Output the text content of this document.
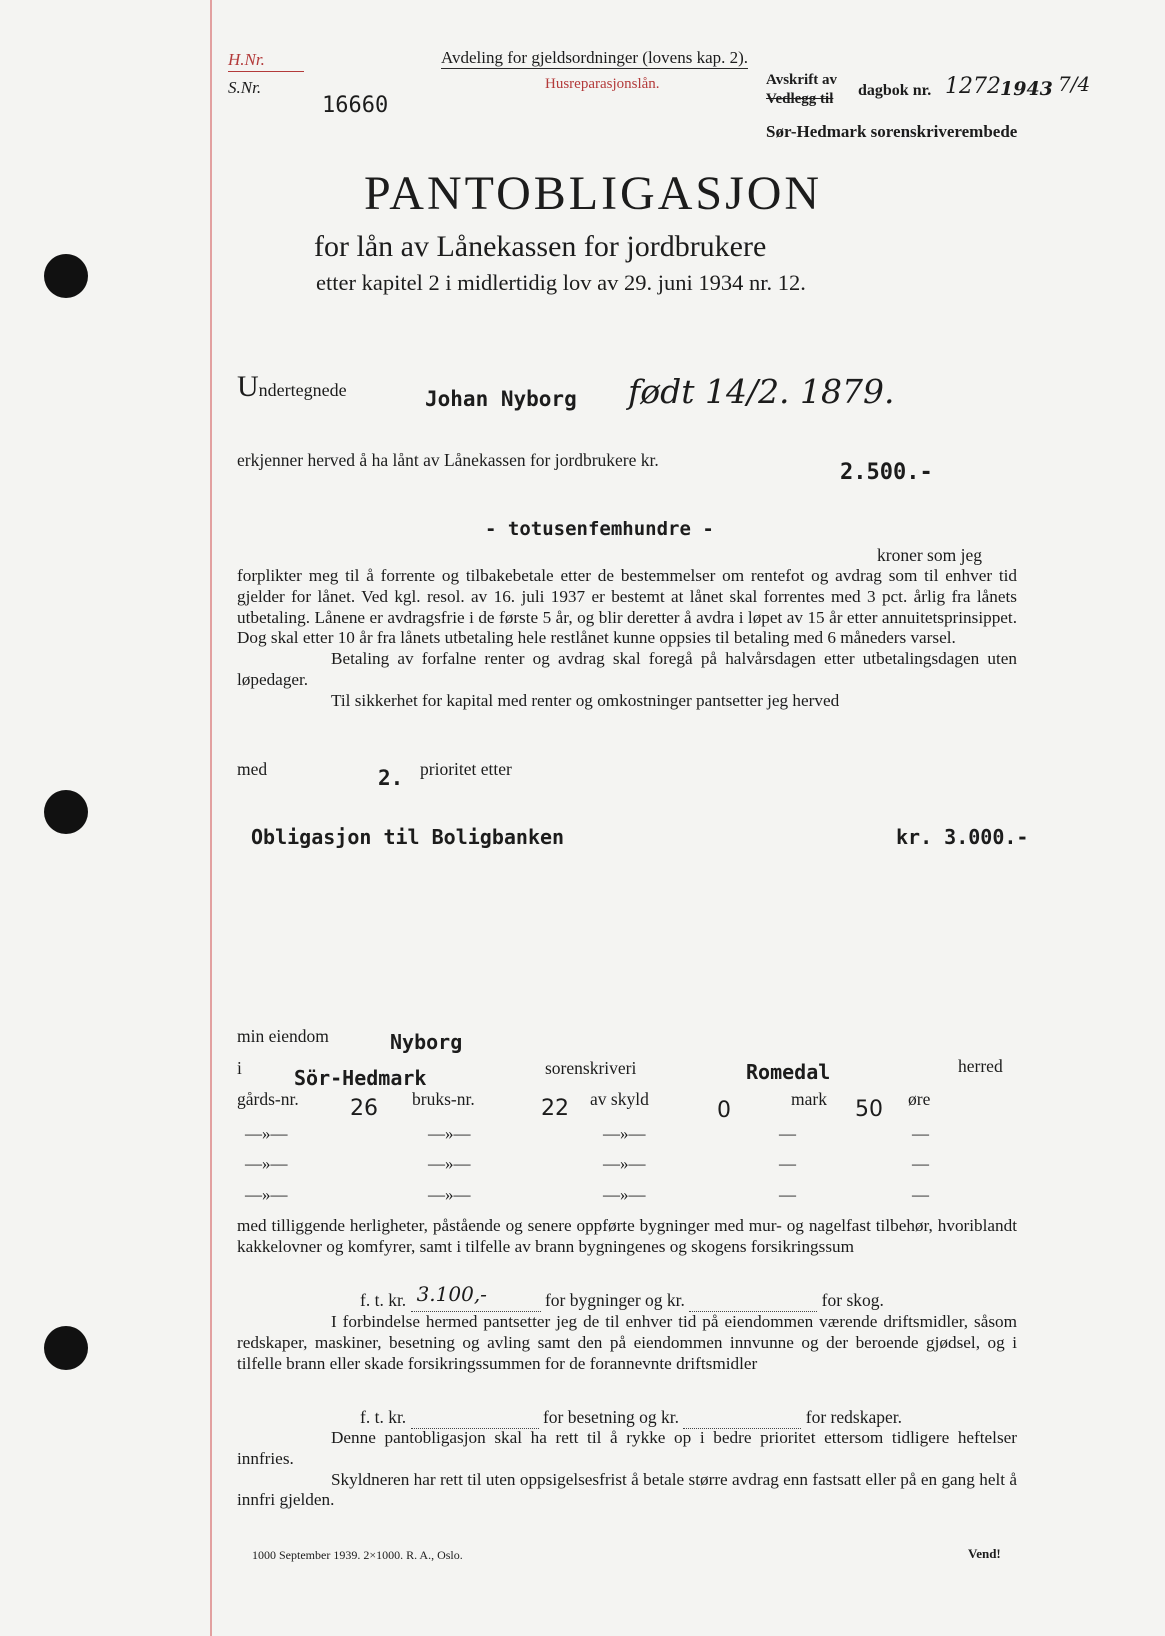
H.Nr.
S.Nr.
16660
Avdeling for gjeldsordninger (lovens kap. 2).
Husreparasjonslån.	Avskrift av
Vedlegg til dagbok nr. 1272 1943 7/4
Sør-Hedmark sorenskriverembede
PANTOBLIGASJON
for lån av Lånekassen for jordbrukere
etter kapitel 2 i midlertidig lov av 29. juni 1934 nr. 12.
Undertegnede	Johan Nyborg født 14/2. 1879.
erkjenner herved å ha lånt av Lånekassen for jordbrukere kr.	2.500.-
- totusenfemhundre -
kroner som jeg

forplikter meg til å forrente og tilbakebetale etter de bestemmelser om rentefot og avdrag som til enhver tid gjelder for lånet. Ved kgl. resol. av 16. juli 1937 er bestemt at lånet skal forrentes med 3 pct. årlig fra lånets utbetaling. Lånene er avdragsfrie i de første 5 år, og blir deretter å avdra i løpet av 15 år etter annuitetsprinsippet. Dog skal etter 10 år fra lånets utbetaling hele restlånet kunne oppsies til betaling med 6 måneders varsel.

Betaling av forfalne renter og avdrag skal foregå på halvårsdagen etter utbetalingsdagen uten løpedager.

Til sikkerhet for kapital med renter og omkostninger pantsetter jeg herved

med	2. prioritet etter
Obligasjon til Boligbanken	kr. 3.000.-
min eiendom	Nyborg
i	Sör-Hedmark	sorenskriveri	Romedal	herred
gårds-nr. 26 bruks-nr.	22 av skyld	0	mark 50 øre
—»—	—»—	—»—	—	—
—»—	—»—	—»—	—	—
—»—	—»—	—»—	—	—

med tilliggende herligheter, påstående og senere oppførte bygninger med mur- og nagelfast tilbehør, hvoriblandt kakkelovner og komfyrer, samt i tilfelle av brann bygningenes og skogens forsikringssum

f. t. kr. 3.100,-	for bygninger og kr.	for skog.

I forbindelse hermed pantsetter jeg de til enhver tid på eiendommen værende driftsmidler, såsom redskaper, maskiner, besetning og avling samt den på eiendommen innvunne og der beroende gjødsel, og i tilfelle brann eller skade forsikringssummen for de forannevnte driftsmidler

f. t. kr.	for besetning og kr.	for redskaper.

Denne pantobligasjon skal ha rett til å rykke op i bedre prioritet ettersom tidligere heftelser innfries.

Skyldneren har rett til uten oppsigelsesfrist å betale større avdrag enn fastsatt eller på en gang helt å innfri gjelden.

1000 September 1939. 2×1000. R. A., Oslo.	Vend!
